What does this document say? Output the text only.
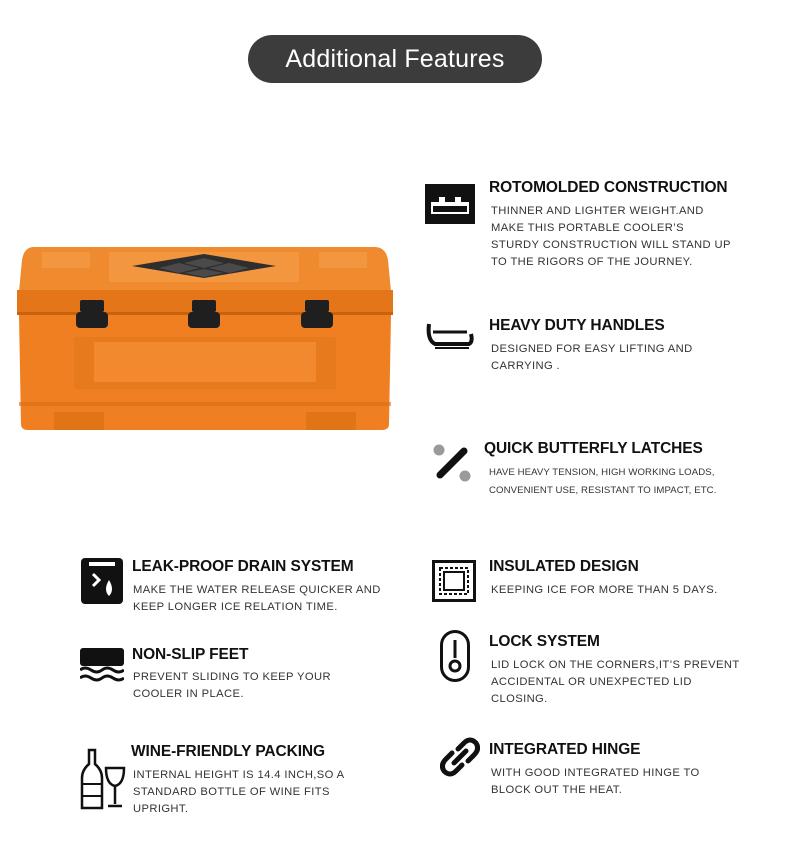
Additional Features
ROTOMOLDED CONSTRUCTION
THINNER AND LIGHTER WEIGHT.AND MAKE THIS PORTABLE COOLER’S STURDY CONSTRUCTION WILL STAND UP TO THE RIGORS OF THE JOURNEY.
HEAVY DUTY HANDLES
DESIGNED FOR EASY LIFTING AND CARRYING .
QUICK BUTTERFLY LATCHES
HAVE HEAVY TENSION, HIGH WORKING LOADS, CONVENIENT USE, RESISTANT TO IMPACT, ETC.
LEAK-PROOF DRAIN SYSTEM
MAKE THE WATER RELEASE QUICKER AND KEEP LONGER ICE RELATION TIME.
INSULATED DESIGN
KEEPING ICE FOR MORE THAN 5 DAYS.
NON-SLIP FEET
PREVENT SLIDING TO KEEP YOUR COOLER IN PLACE.
LOCK SYSTEM
LID LOCK ON THE CORNERS,IT’S PREVENT ACCIDENTAL OR UNEXPECTED LID CLOSING.
WINE-FRIENDLY PACKING
INTERNAL HEIGHT IS 14.4 INCH,SO A STANDARD BOTTLE OF WINE FITS UPRIGHT.
INTEGRATED HINGE
WITH GOOD INTEGRATED HINGE TO BLOCK OUT THE HEAT.
